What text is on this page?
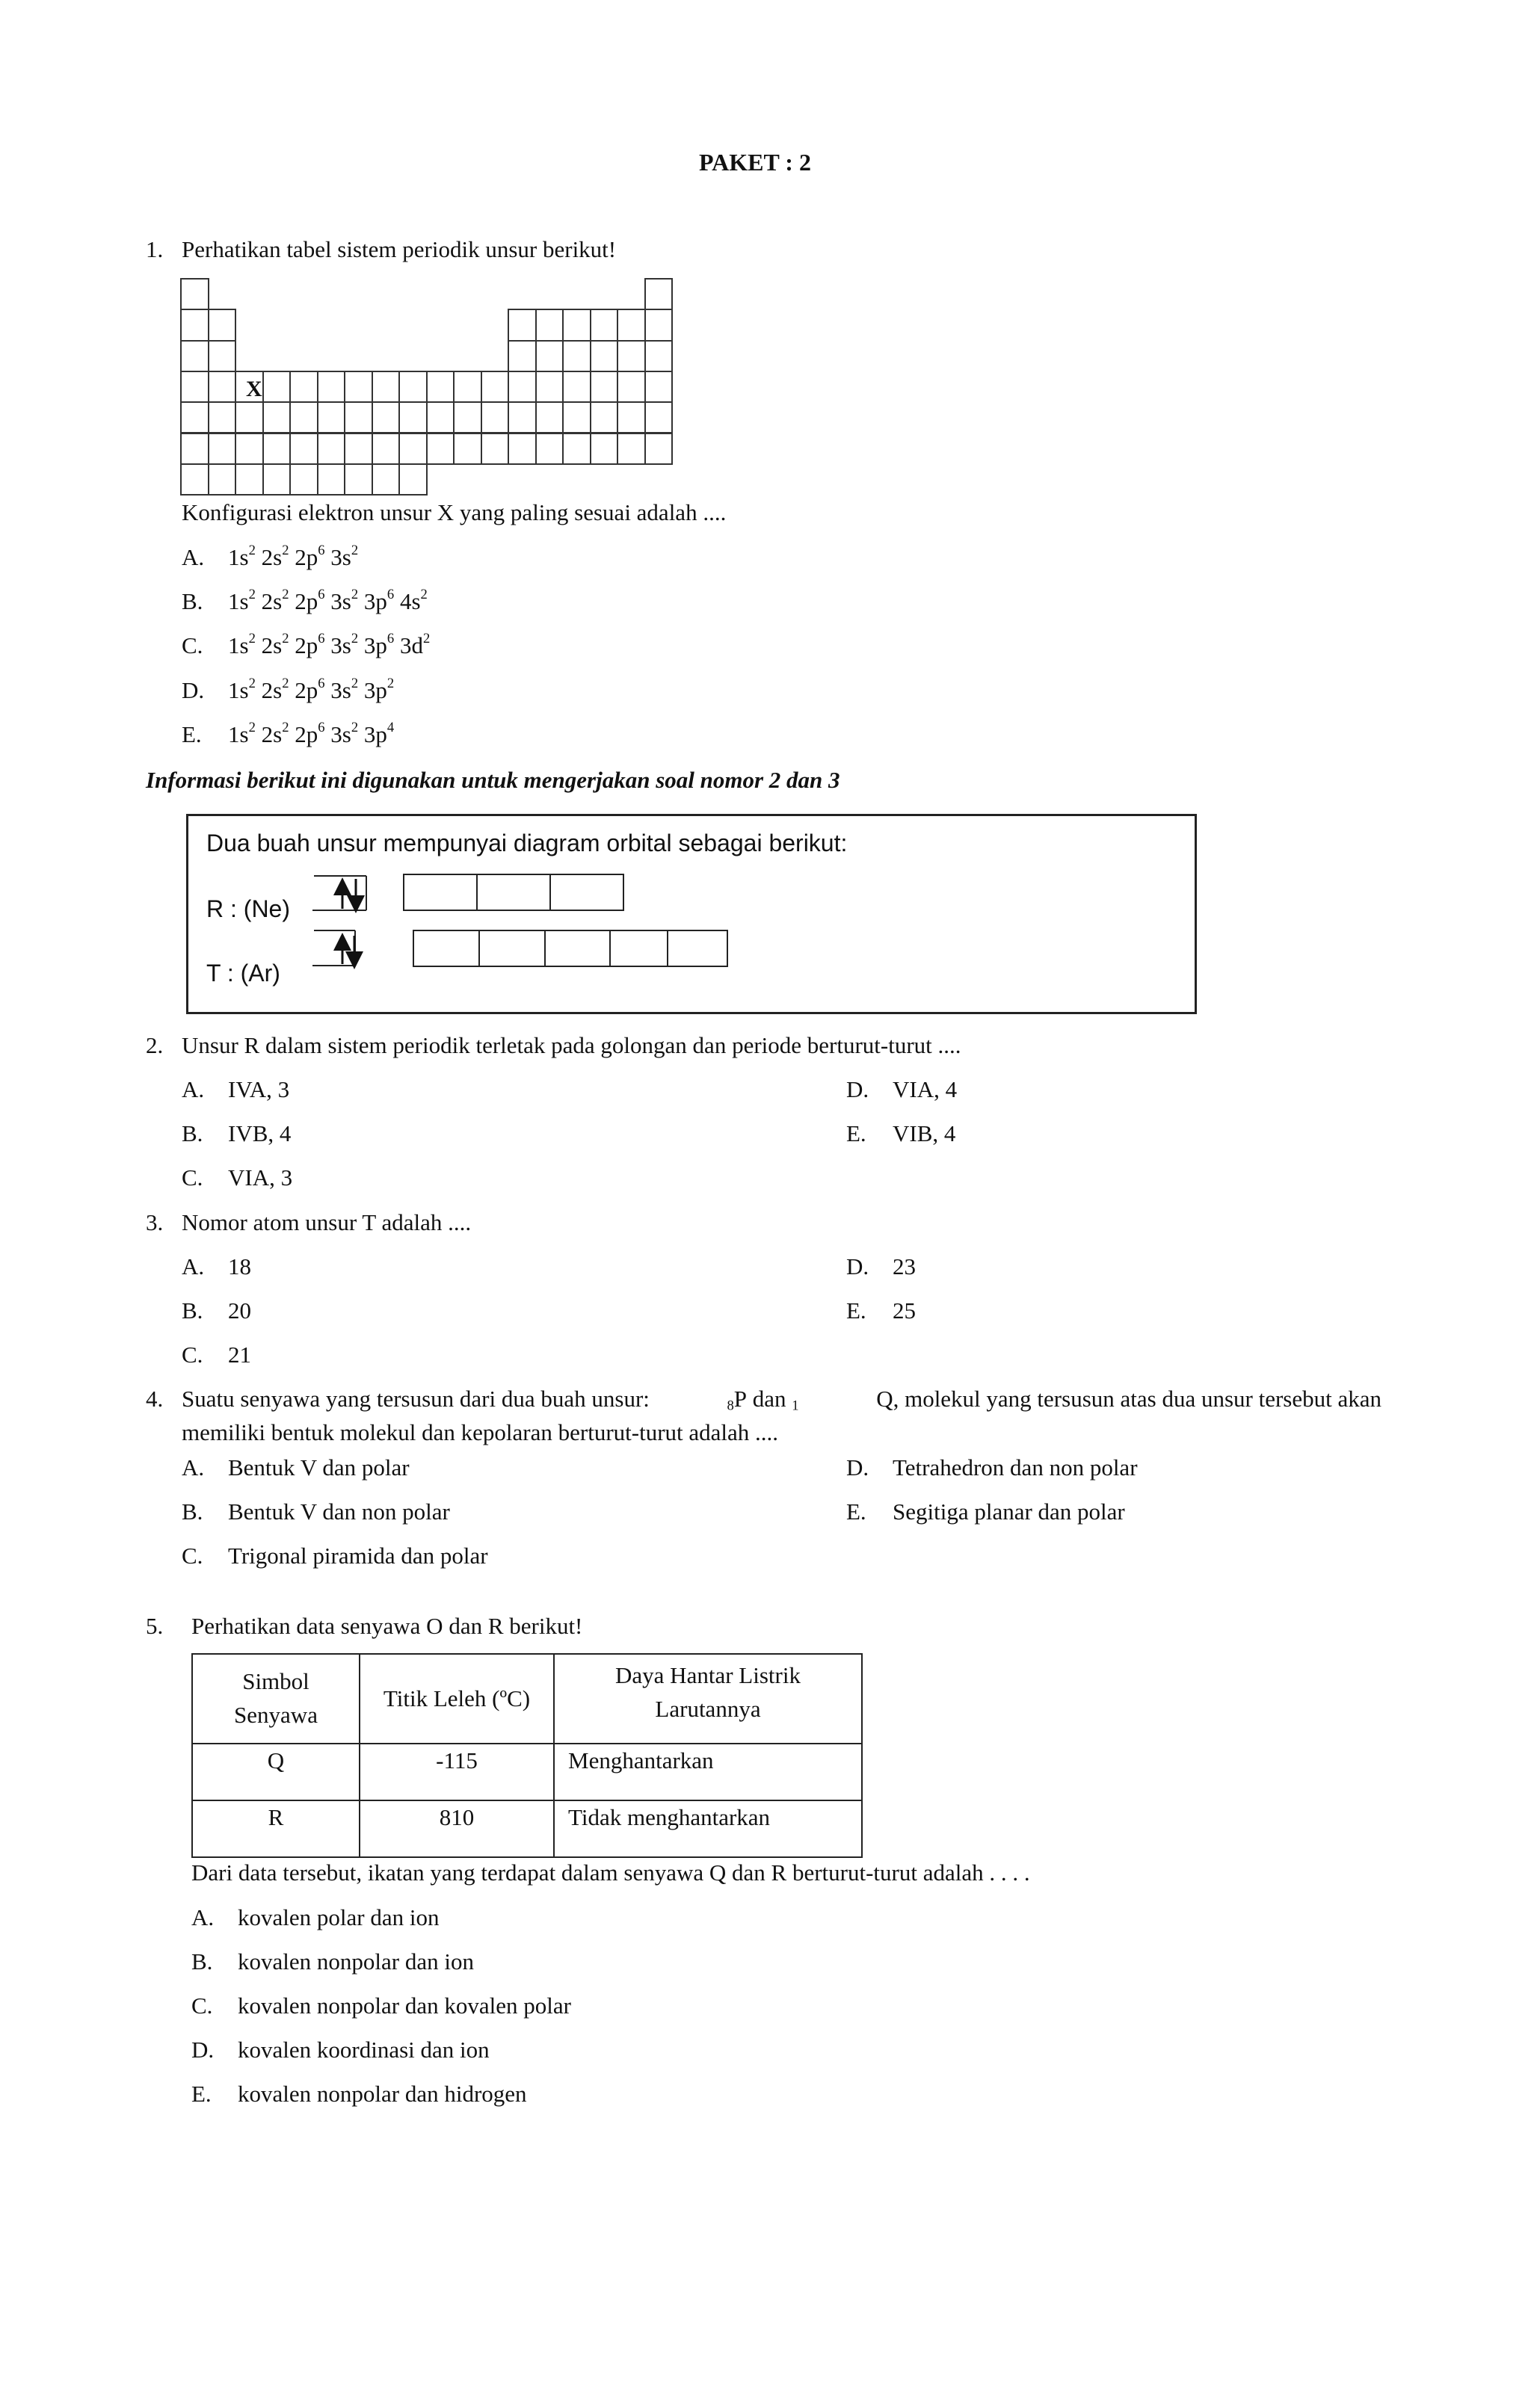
PAKET : 2
1. Perhatikan tabel sistem periodik unsur berikut!
X
Konfigurasi elektron unsur X yang paling sesuai adalah ....
A. $1s^2$ $2s^2$ $2p^6$ $3s^2$
B. $1s^2$ $2s^2$ $2p^6$ $3s^2$ $3p^6$ $4s^2$
C. $1s^2$ $2s^2$ $2p^6$ $3s^2$ $3p^6$ $3d^2$
D. $1s^2$ $2s^2$ $2p^6$ $3s^2$ $3p^2$
E. $1s^2$ $2s^2$ $2p^6$ $3s^2$ $3p^4$
Informasi berikut ini digunakan untuk mengerjakan soal nomor 2 dan 3
Dua buah unsur mempunyai diagram orbital sebagai berikut:
R : (Ne)
T : (Ar)
2. Unsur R dalam sistem periodik terletak pada golongan dan periode berturut-turut ....
A. IVA, 3
B. IVB, 4
C. VIA, 3
D. VIA, 4
E. VIB, 4
3. Nomor atom unsur T adalah ....
A. 18
B. 20
C. 21
D. 23
E. 25
4. Suatu senyawa yang tersusun dari dua buah unsur:	$_8$P dan $_1$	Q, molekul yang tersusun atas dua unsur tersebut akan
memiliki bentuk molekul dan kepolaran berturut-turut adalah ....
A. Bentuk V dan polar
B. Bentuk V dan non polar
C. Trigonal piramida dan polar
D. Tetrahedron dan non polar
E. Segitiga planar dan polar
5. Perhatikan data senyawa O dan R berikut!
Simbol
Senyawa	Titik Leleh (ºC)	Daya Hantar Listrik
Larutannya
Q	-115	Menghantarkan
R	810	Tidak menghantarkan
Dari data tersebut, ikatan yang terdapat dalam senyawa Q dan R berturut-turut adalah . . . .
A. kovalen polar dan ion
B. kovalen nonpolar dan ion
C. kovalen nonpolar dan kovalen polar
D. kovalen koordinasi dan ion
E. kovalen nonpolar dan hidrogen
